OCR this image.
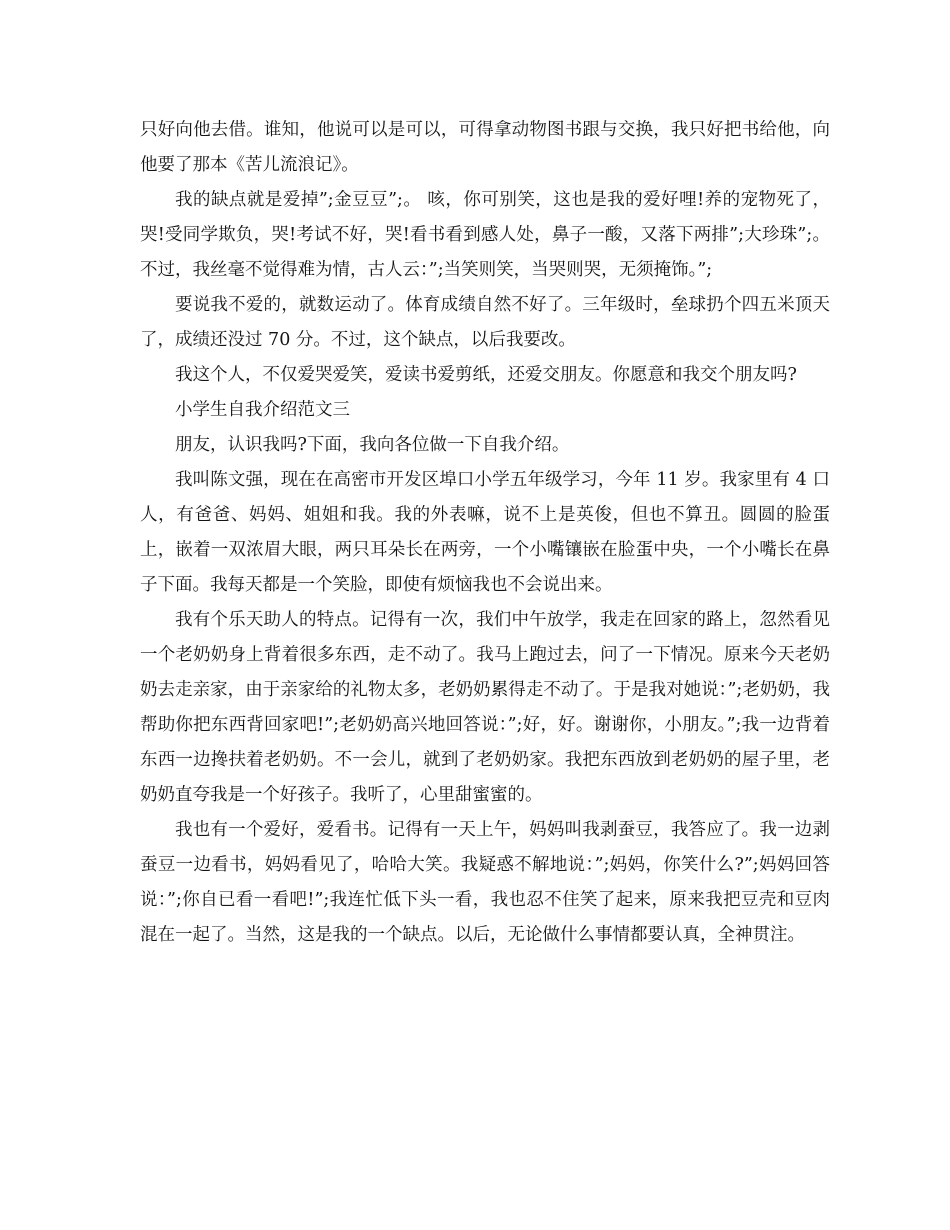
只好向他去借。谁知，他说可以是可以，可得拿动物图书跟与交换，我只好把书给他，向他要了那本《苦儿流浪记》。

我的缺点就是爱掉”;金豆豆”;。 咳，你可别笑，这也是我的爱好哩!养的宠物死了，哭!受同学欺负，哭!考试不好，哭!看书看到感人处，鼻子一酸，又落下两排”;大珍珠”;。不过，我丝毫不觉得难为情，古人云：”;当笑则笑，当哭则哭，无须掩饰。”;

要说我不爱的，就数运动了。体育成绩自然不好了。三年级时，垒球扔个四五米顶天了，成绩还没过 70 分。不过，这个缺点，以后我要改。

我这个人，不仅爱哭爱笑，爱读书爱剪纸，还爱交朋友。你愿意和我交个朋友吗?

小学生自我介绍范文三

朋友，认识我吗?下面，我向各位做一下自我介绍。

我叫陈文强，现在在高密市开发区埠口小学五年级学习，今年 11 岁。我家里有 4 口人，有爸爸、妈妈、姐姐和我。我的外表嘛，说不上是英俊，但也不算丑。圆圆的脸蛋上，嵌着一双浓眉大眼，两只耳朵长在两旁，一个小嘴镶嵌在脸蛋中央，一个小嘴长在鼻子下面。我每天都是一个笑脸，即使有烦恼我也不会说出来。

我有个乐天助人的特点。记得有一次，我们中午放学，我走在回家的路上，忽然看见一个老奶奶身上背着很多东西，走不动了。我马上跑过去，问了一下情况。原来今天老奶奶去走亲家，由于亲家给的礼物太多，老奶奶累得走不动了。于是我对她说：”;老奶奶，我帮助你把东西背回家吧!”;老奶奶高兴地回答说：”;好，好。谢谢你，小朋友。”;我一边背着东西一边搀扶着老奶奶。不一会儿，就到了老奶奶家。我把东西放到老奶奶的屋子里，老奶奶直夸我是一个好孩子。我听了，心里甜蜜蜜的。

我也有一个爱好，爱看书。记得有一天上午，妈妈叫我剥蚕豆，我答应了。我一边剥蚕豆一边看书，妈妈看见了，哈哈大笑。我疑惑不解地说：”;妈妈，你笑什么?”;妈妈回答说：”;你自已看一看吧!”;我连忙低下头一看，我也忍不住笑了起来，原来我把豆壳和豆肉混在一起了。当然，这是我的一个缺点。以后，无论做什么事情都要认真，全神贯注。
